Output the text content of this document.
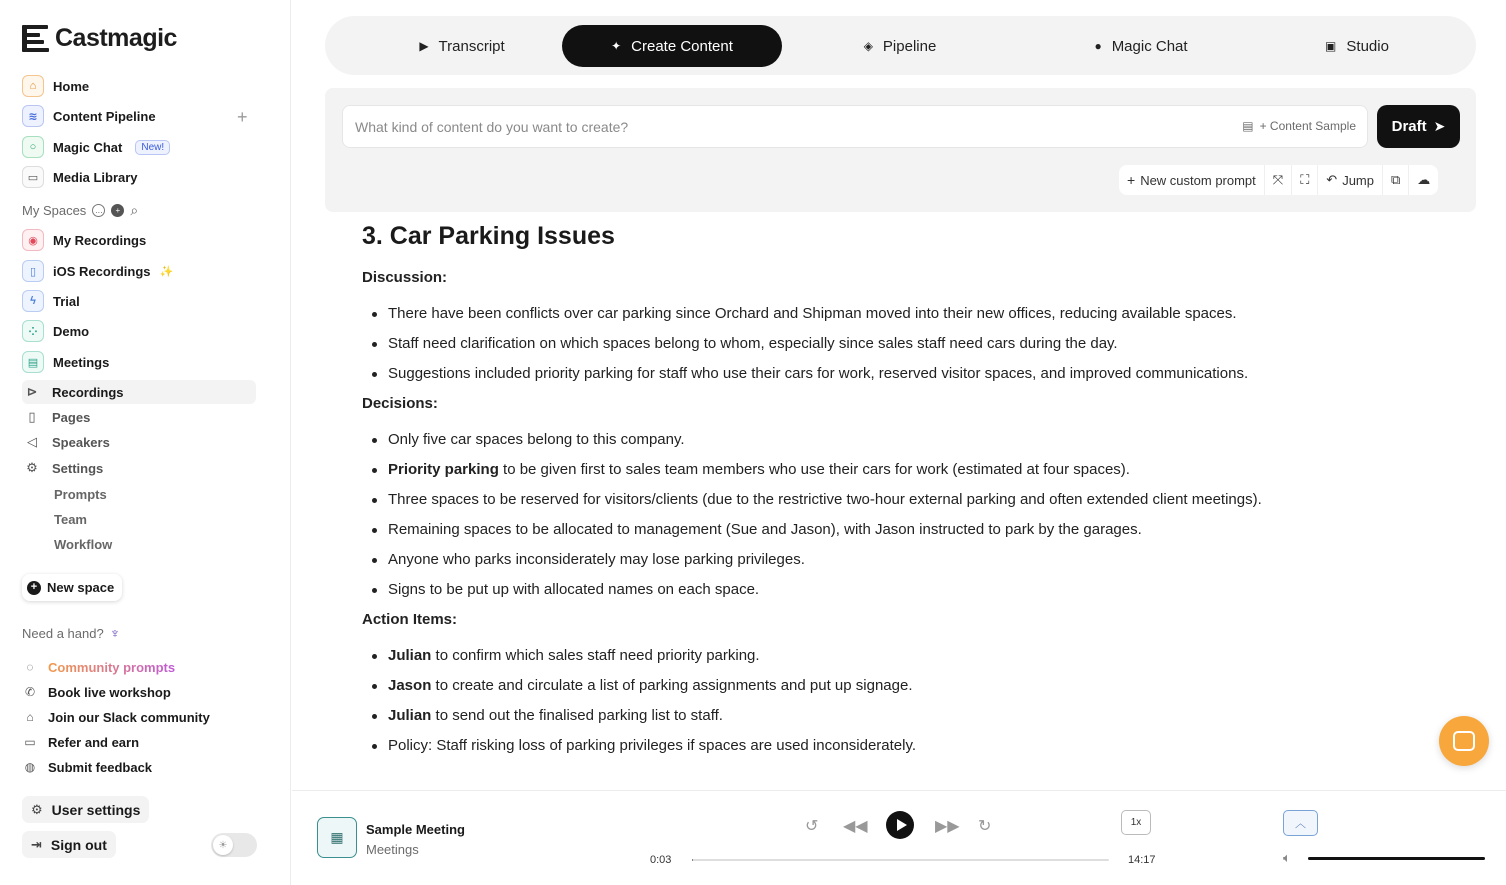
Castmagic
⌂	Home
≋	Content Pipeline	+
○	Magic Chat	New!
▭	Media Library
My Spaces	…	+ ⌕
◉	My Recordings
▯	iOS Recordings ✨
ϟ	Trial
⁘	Demo
▤	Meetings
⊳ Recordings
▯	Pages
◁ Speakers
⚙ Settings
Prompts
Team
Workflow
+ New space
Need a hand? ♆
◌	Community prompts
✆ Book live workshop
⌂	Join our Slack community
▭ Refer and earn
◍ Submit feedback
⚙ User settings
⇥ Sign out	☀
▶ Transcript	✦ Create Content	◈ Pipeline	● Magic Chat	▣ Studio
What kind of content do you want to create?
▤ + Content Sample Draft ➤
+ New custom prompt ⤧ ⛶ ↶ Jump ⧉ ☁
3. Car Parking Issues
Discussion:
There have been conflicts over car parking since Orchard and Shipman moved into their new offices, reducing available spaces.
Staff need clarification on which spaces belong to whom, especially since sales staff need cars during the day.
Suggestions included priority parking for staff who use their cars for work, reserved visitor spaces, and improved communications.
Decisions:
Only five car spaces belong to this company.
Priority parking to be given first to sales team members who use their cars for work (estimated at four spaces).
Three spaces to be reserved for visitors/clients (due to the restrictive two-hour external parking and often extended client meetings).
Remaining spaces to be allocated to management (Sue and Jason), with Jason instructed to park by the garages.
Anyone who parks inconsiderately may lose parking privileges.
Signs to be put up with allocated names on each space.
Action Items:
Julian to confirm which sales staff need priority parking.
Jason to create and circulate a list of parking assignments and put up signage.
Julian to send out the finalised parking list to staff.
Policy: Staff risking loss of parking privileges if spaces are used inconsiderately.
▦	Sample Meeting
Meetings
↺ ◀◀	▶▶ ↻
0:03	14:17
1x	︿
🔈︎
